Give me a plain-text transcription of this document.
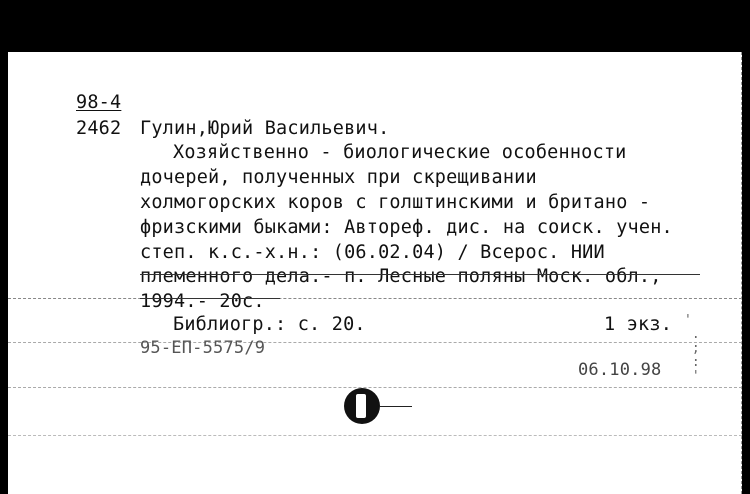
98-4
2462 Гулин,Юрий Васильевич.
Хозяйственно - биологические особенности
дочерей, полученных при скрещивании
холмогорских коров с голштинскими и британо -
фризскими быками: Автореф. дис. на соиск. учен.
степ. к.с.-х.н.: (06.02.04) / Всерос. НИИ
племенного дела.- п. Лесные поляны Моск. обл.,
1994.- 20с.
Библиогр.: с. 20.	1 экз.
95-ЕП-5575/9
06.10.98
'
.
;
:
'
